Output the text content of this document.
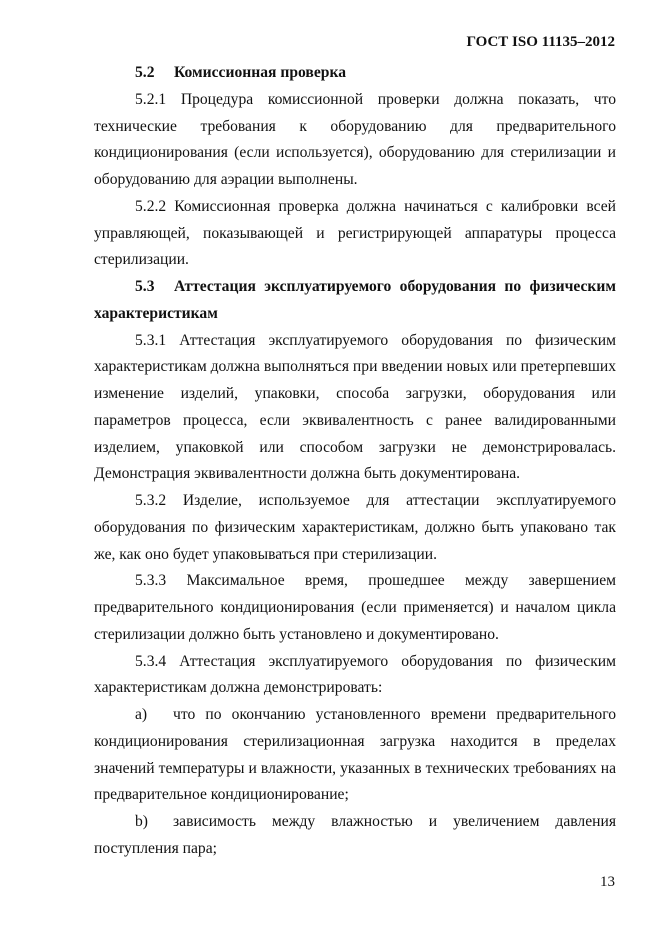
ГОСТ ISO 11135–2012

5.2 Комиссионная проверка

5.2.1 Процедура комиссионной проверки должна показать, что технические требования к оборудованию для предварительного кондиционирования (если используется), оборудованию для стерилизации и оборудованию для аэрации выполнены.

5.2.2 Комиссионная проверка должна начинаться с калибровки всей управляющей, показывающей и регистрирующей аппаратуры процесса стерилизации.

5.3 Аттестация эксплуатируемого оборудования по физическим характеристикам

5.3.1 Аттестация эксплуатируемого оборудования по физическим характеристикам должна выполняться при введении новых или претерпевших изменение изделий, упаковки, способа загрузки, оборудования или параметров процесса, если эквивалентность с ранее валидированными изделием, упаковкой или способом загрузки не демонстрировалась. Демонстрация эквивалентности должна быть документирована.

5.3.2 Изделие, используемое для аттестации эксплуатируемого оборудования по физическим характеристикам, должно быть упаковано так же, как оно будет упаковываться при стерилизации.

5.3.3 Максимальное время, прошедшее между завершением предварительного кондиционирования (если применяется) и началом цикла стерилизации должно быть установлено и документировано.

5.3.4 Аттестация эксплуатируемого оборудования по физическим характеристикам должна демонстрировать:

a) что по окончанию установленного времени предварительного кондиционирования стерилизационная загрузка находится в пределах значений температуры и влажности, указанных в технических требованиях на предварительное кондиционирование;

b) зависимость между влажностью и увеличением давления поступления пара;

13
